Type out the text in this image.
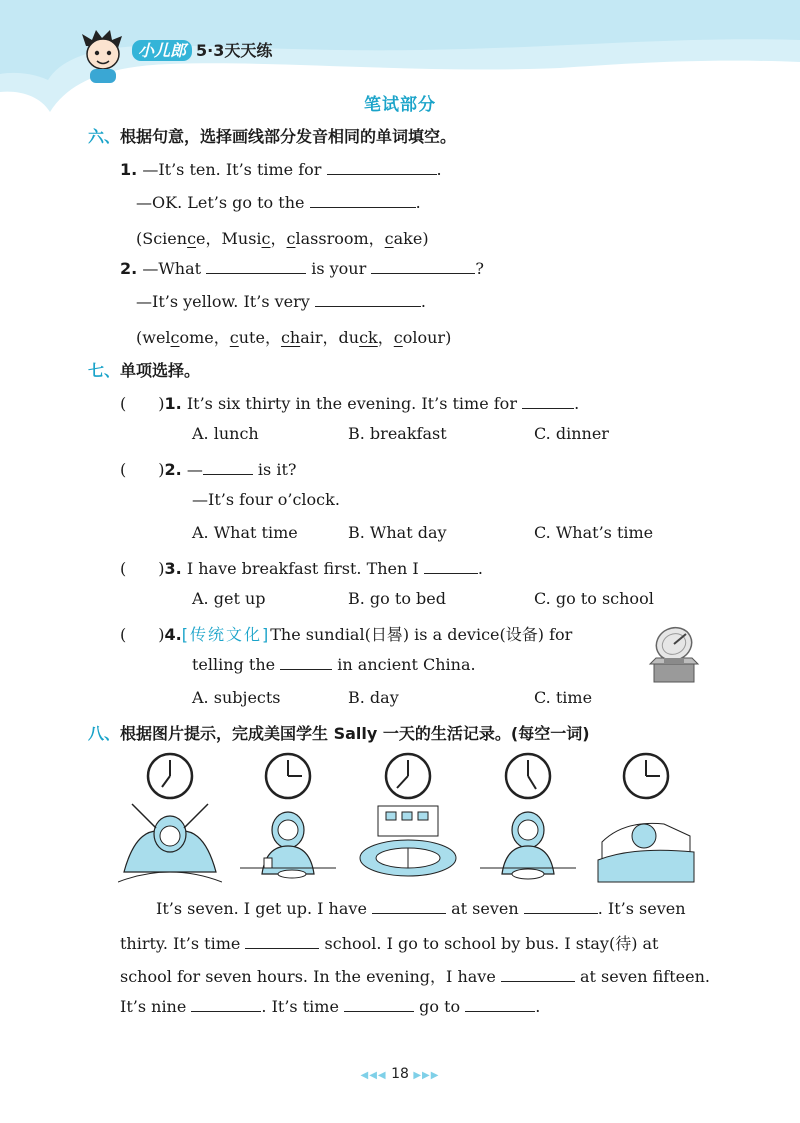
小儿郎 5·3天天练
笔试部分
六、根据句意，选择画线部分发音相同的单词填空。
1. —It’s ten. It’s time for	.
—OK. Let’s go to the	.
(Science，Music，classroom，cake)
2. —What	is your	?
—It’s yellow. It’s very	.
(welcome，cute，chair，duck，colour)
七、单项选择。
(　　)1. It’s six thirty in the evening. It’s time for	.
A. lunch	B. breakfast	C. dinner
(　　)2. —	is it?
—It’s four o’clock.
A. What time	B. What day	C. What’s time
(　　)3. I have breakfast first. Then I	.
A. get up	B. go to bed	C. go to school
(　　)4.[传统文化]The sundial(日晷) is a device(设备) for
telling the	in ancient China.
A. subjects	B. day	C. time
八、根据图片提示，完成美国学生 Sally 一天的生活记录。(每空一词)
It’s seven. I get up. I have	at seven	. It’s seven
thirty. It’s time	school. I go to school by bus. I stay(待) at
school for seven hours. In the evening，I have	at seven fifteen.
It’s nine	. It’s time	go to	.
◀◀◀ 18 ▶▶▶
